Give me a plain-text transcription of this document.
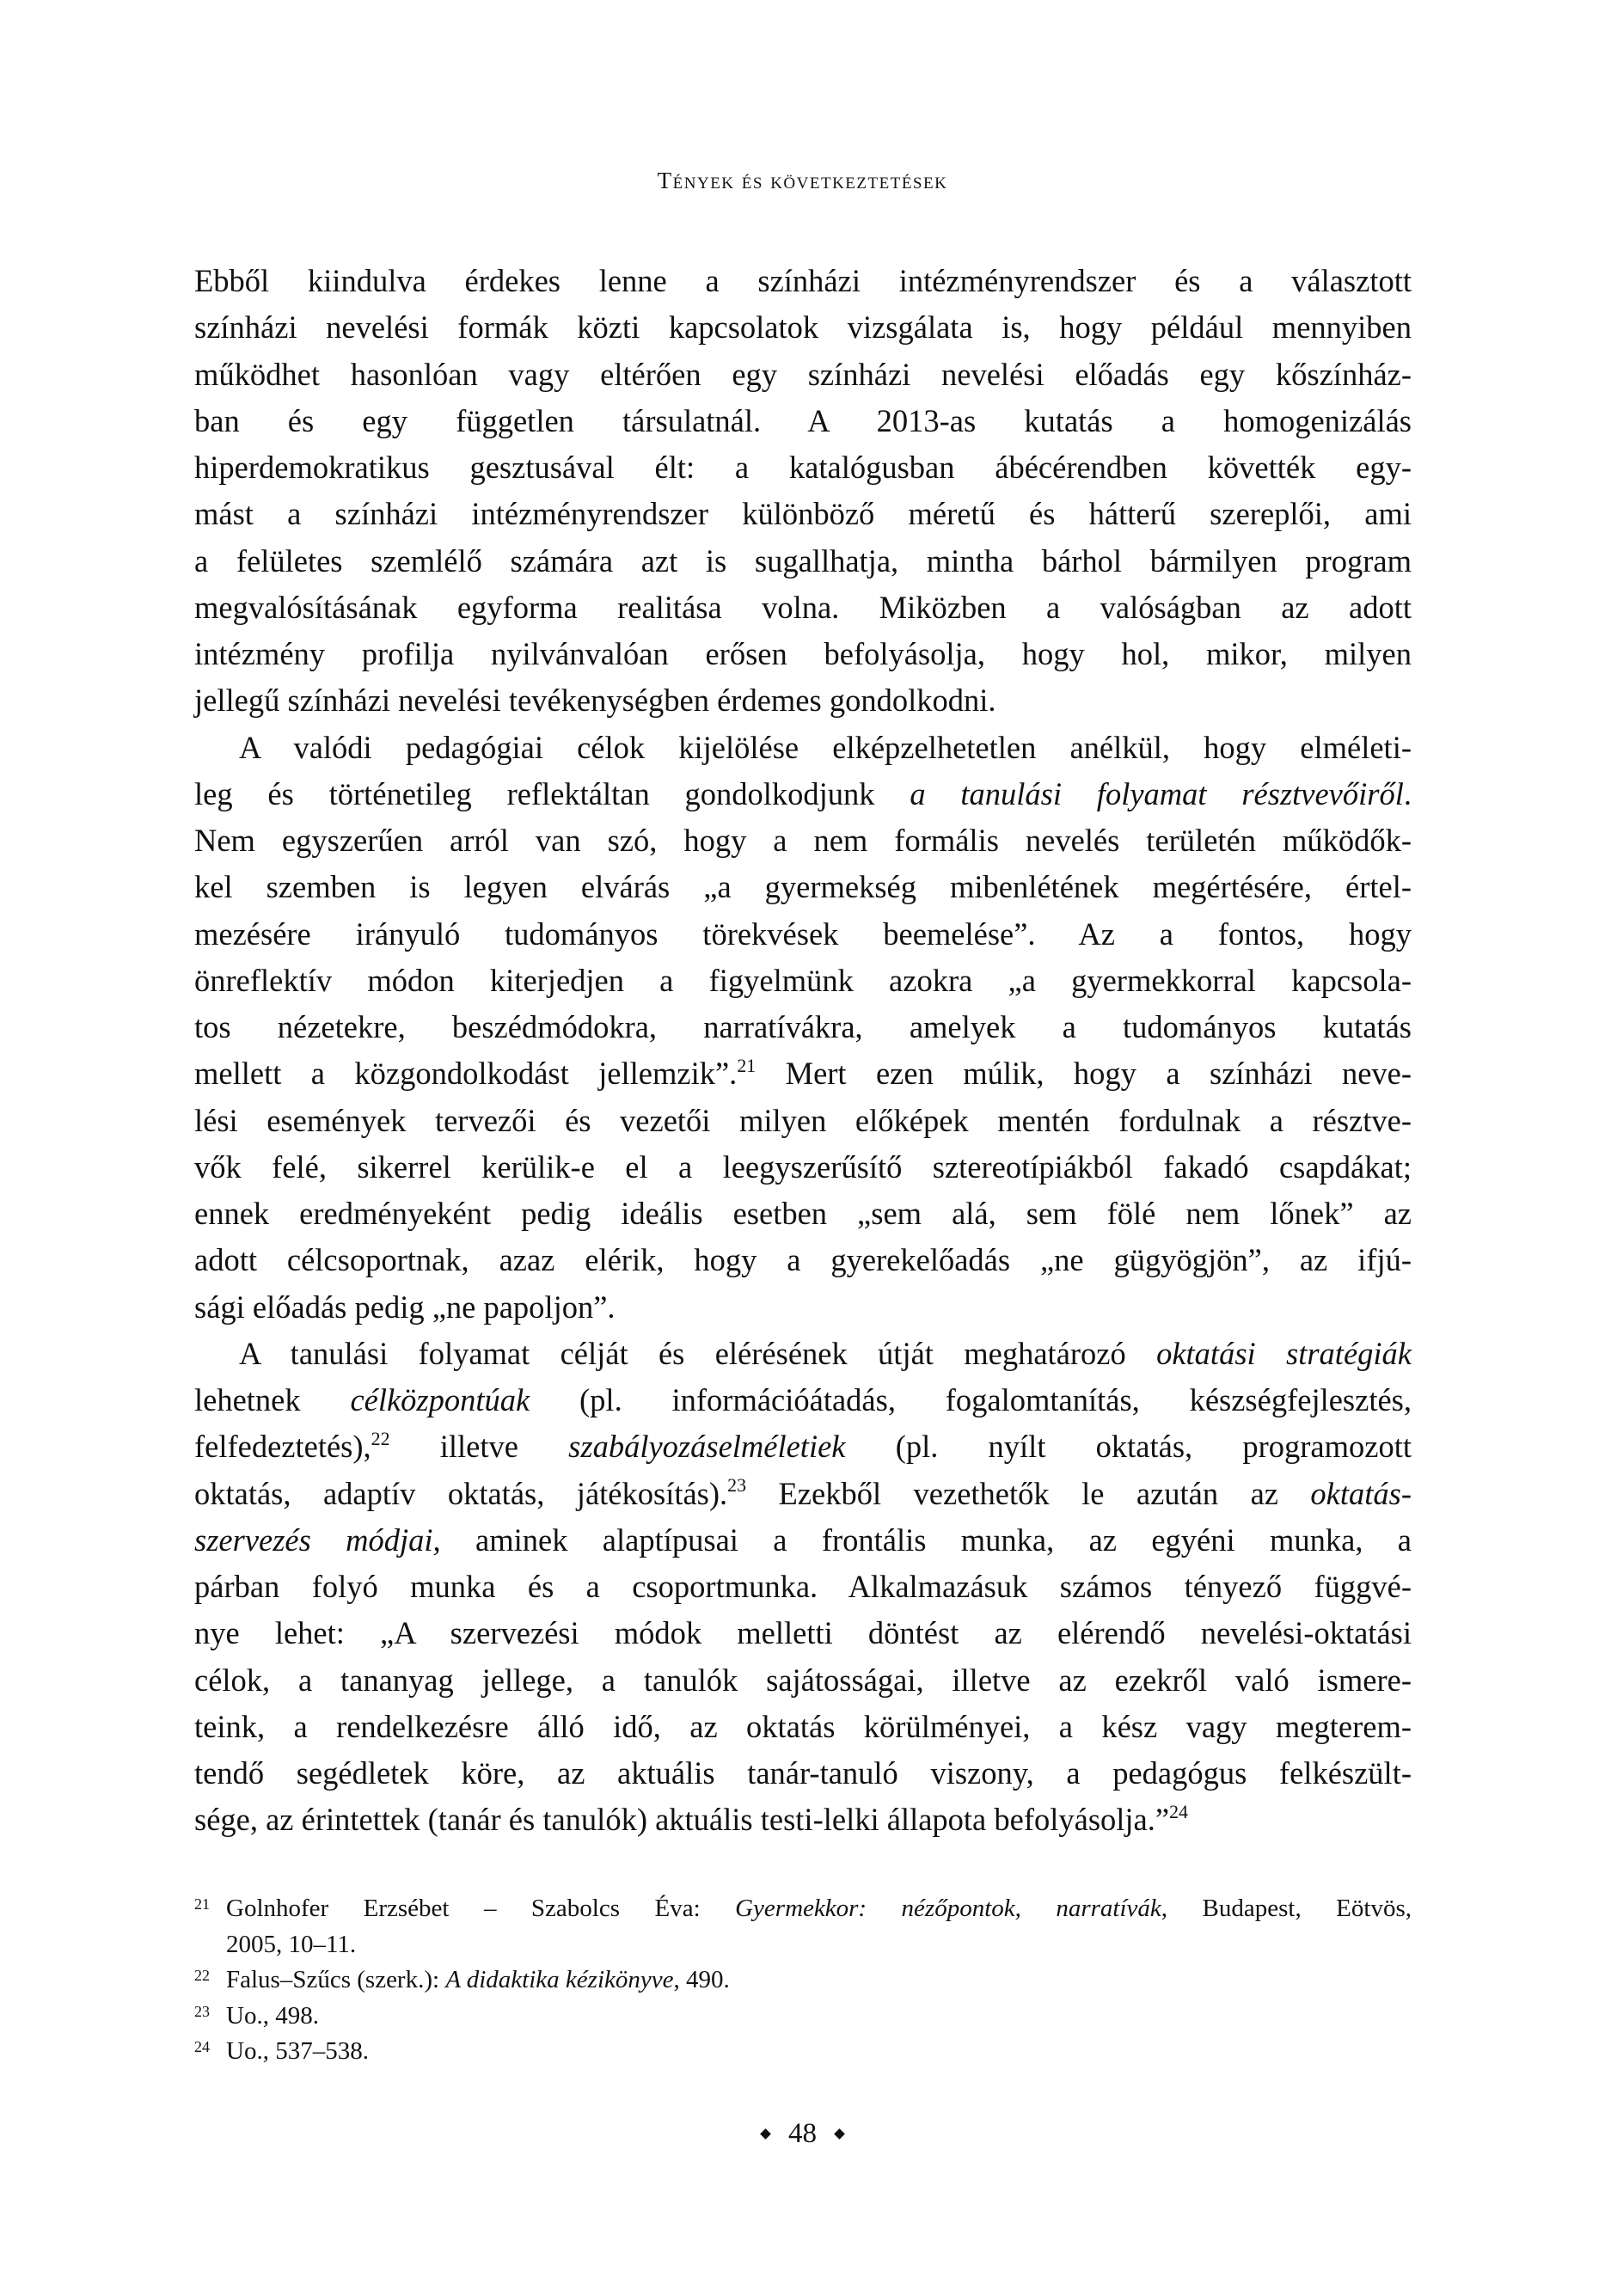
Tények és következtetések
Ebből kiindulva érdekes lenne a színházi intézményrendszer és a választott
színházi nevelési formák közti kapcsolatok vizsgálata is, hogy például mennyiben
működhet hasonlóan vagy eltérően egy színházi nevelési előadás egy kőszínház-
ban és egy független társulatnál. A 2013-as kutatás a homogenizálás
hiperdemokratikus gesztusával élt: a katalógusban ábécérendben követték egy-
mást a színházi intézményrendszer különböző méretű és hátterű szereplői, ami
a felületes szemlélő számára azt is sugallhatja, mintha bárhol bármilyen program
megvalósításának egyforma realitása volna. Miközben a valóságban az adott
intézmény profilja nyilvánvalóan erősen befolyásolja, hogy hol, mikor, milyen
jellegű színházi nevelési tevékenységben érdemes gondolkodni.
A valódi pedagógiai célok kijelölése elképzelhetetlen anélkül, hogy elméleti-
leg és történetileg reflektáltan gondolkodjunk a tanulási folyamat résztvevőiről.
Nem egyszerűen arról van szó, hogy a nem formális nevelés területén működők-
kel szemben is legyen elvárás „a gyermekség mibenlétének megértésére, értel-
mezésére irányuló tudományos törekvések beemelése”. Az a fontos, hogy
önreflektív módon kiterjedjen a figyelmünk azokra „a gyermekkorral kapcsola-
tos nézetekre, beszédmódokra, narratívákra, amelyek a tudományos kutatás
mellett a közgondolkodást jellemzik”.$^{21}$ Mert ezen múlik, hogy a színházi neve-
lési események tervezői és vezetői milyen előképek mentén fordulnak a résztve-
vők felé, sikerrel kerülik-e el a leegyszerűsítő sztereotípiákból fakadó csapdákat;
ennek eredményeként pedig ideális esetben „sem alá, sem fölé nem lőnek” az
adott célcsoportnak, azaz elérik, hogy a gyerekelőadás „ne gügyögjön”, az ifjú-
sági előadás pedig „ne papoljon”.
A tanulási folyamat célját és elérésének útját meghatározó oktatási stratégiák
lehetnek célközpontúak (pl. információátadás, fogalomtanítás, készségfejlesztés,
felfedeztetés),$^{22}$ illetve szabályozáselméletiek (pl. nyílt oktatás, programozott
oktatás, adaptív oktatás, játékosítás).$^{23}$ Ezekből vezethetők le azután az oktatás-
szervezés módjai, aminek alaptípusai a frontális munka, az egyéni munka, a
párban folyó munka és a csoportmunka. Alkalmazásuk számos tényező függvé-
nye lehet: „A szervezési módok melletti döntést az elérendő nevelési-oktatási
célok, a tananyag jellege, a tanulók sajátosságai, illetve az ezekről való ismere-
teink, a rendelkezésre álló idő, az oktatás körülményei, a kész vagy megterem-
tendő segédletek köre, az aktuális tanár-tanuló viszony, a pedagógus felkészült-
sége, az érintettek (tanár és tanulók) aktuális testi-lelki állapota befolyásolja.”$^{24}$
21 Golnhofer Erzsébet – Szabolcs Éva: Gyermekkor: nézőpontok, narratívák, Budapest, Eötvös,
2005, 10–11.
22 Falus–Szűcs (szerk.): A didaktika kézikönyve, 490.
23 Uo., 498.
24 Uo., 537–538.
48
